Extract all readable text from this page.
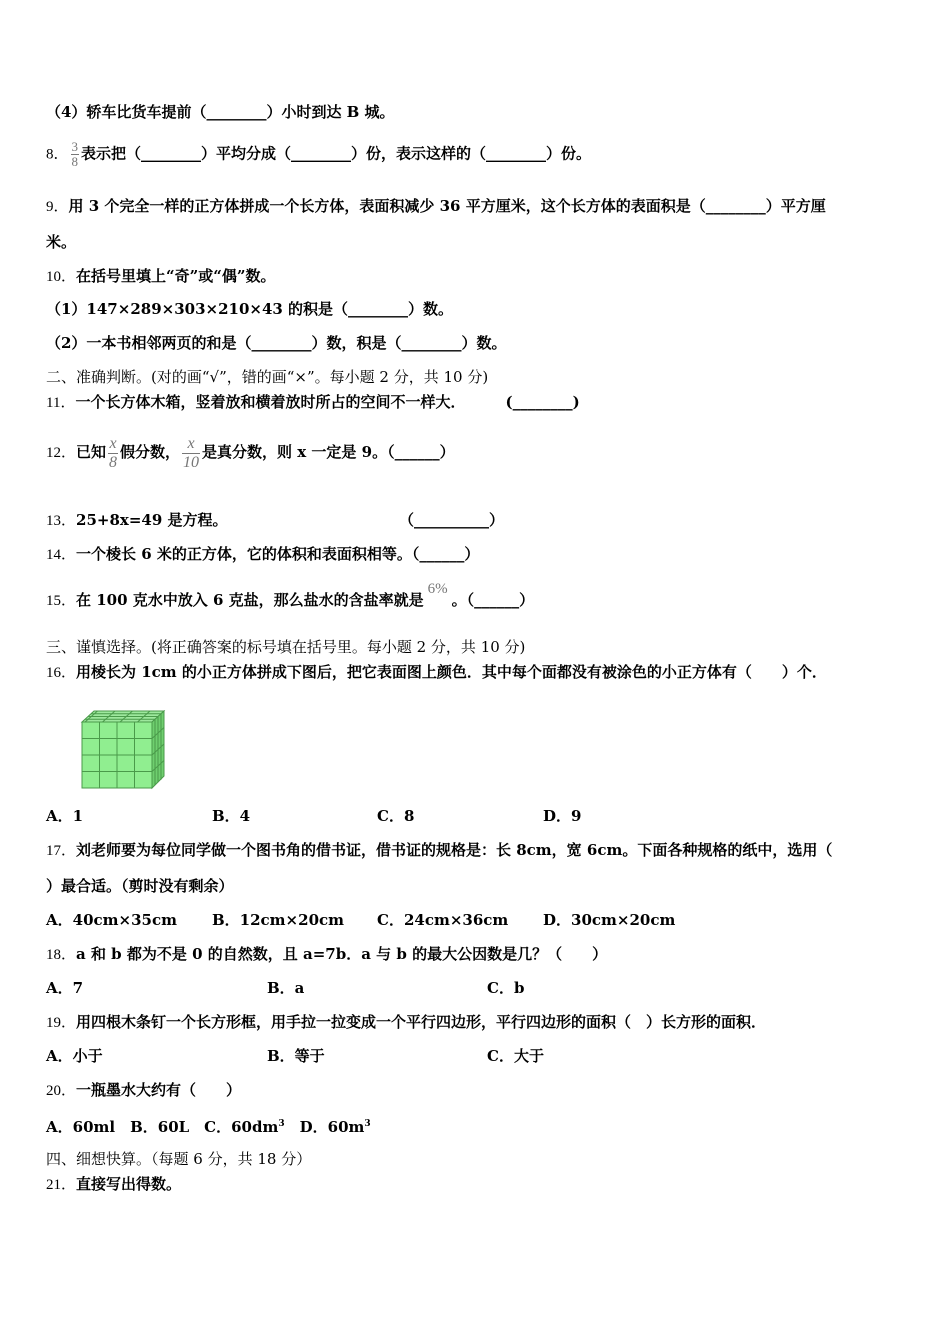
（4）轿车比货车提前（________）小时到达 B 城。
8． $\frac{3}{8}$ 表示把（________）平均分成（________）份，表示这样的（________）份。
9．用 3 个完全一样的正方体拼成一个长方体，表面积减少 36 平方厘米，这个长方体的表面积是（________）平方厘
米。
10．在括号里填上“奇”或“偶”数。
（1）147×289×303×210×43 的积是（________）数。
（2）一本书相邻两页的和是（________）数，积是（________）数。
二、准确判断。(对的画“√”，错的画“×”。每小题 2 分，共 10 分)
11．一个长方体木箱，竖着放和横着放时所占的空间不一样大．	(________)
12．已知 $\frac{x}{8}$ 假分数， $\frac{x}{10}$ 是真分数，则 x 一定是 9。（______）
13．25+8x=49 是方程。	（__________）
14．一个棱长 6 米的正方体，它的体积和表面积相等。（______）
15．在 100 克水中放入 6 克盐，那么盐水的含盐率就是6%。（______）
三、谨慎选择。(将正确答案的标号填在括号里。每小题 2 分，共 10 分)
16．用棱长为 1cm 的小正方体拼成下图后，把它表面图上颜色．其中每个面都没有被涂色的小正方体有（　　）个．
A．1	B．4	C．8	D．9
17．刘老师要为每位同学做一个图书角的借书证，借书证的规格是：长 8cm，宽 6cm。下面各种规格的纸中，选用（
）最合适。（剪时没有剩余）
A．40cm×35cm B．12cm×20cm C．24cm×36cm D．30cm×20cm
18．a 和 b 都为不是 0 的自然数，且 a=7b．a 与 b 的最大公因数是几？（　　）
A．7	B．a	C．b
19．用四根木条钉一个长方形框，用手拉一拉变成一个平行四边形，平行四边形的面积（　）长方形的面积．
A．小于	B．等于	C．大于
20．一瓶墨水大约有（　　）
A．60ml　B．60L　C．$60dm^3$　D．$60m^3$
四、细想快算。（每题 6 分，共 18 分）
21．直接写出得数。
